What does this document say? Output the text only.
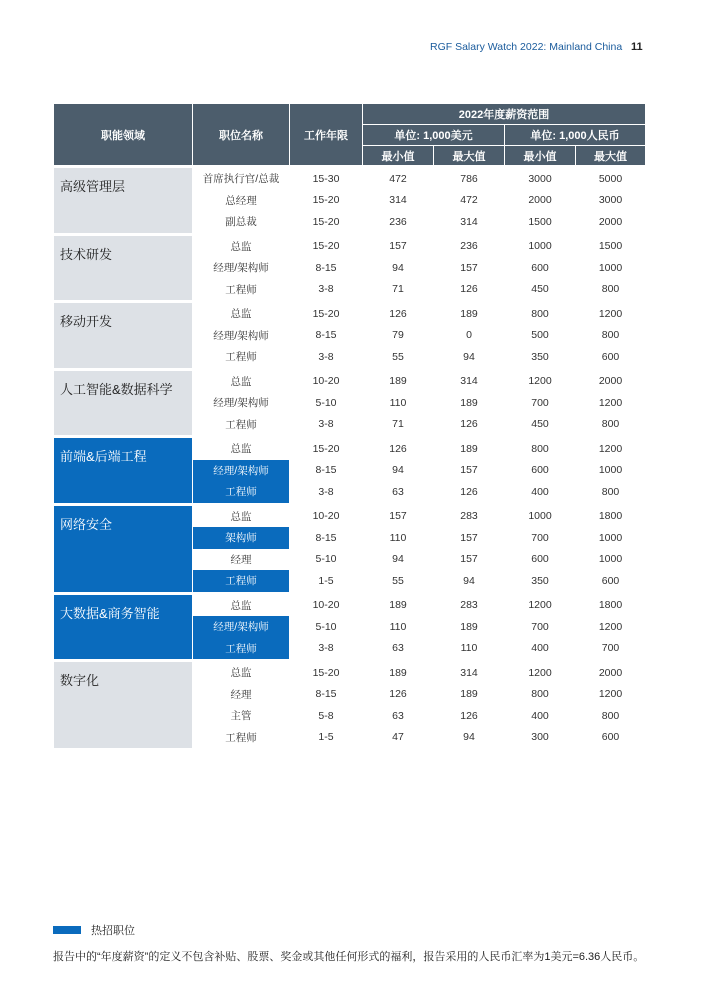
RGF Salary Watch 2022: Mainland China 11
职能领域	职位名称	工作年限	2022年度薪资范围			
			单位: 1,000美元		单位: 1,000人民币	
			最小值	最大值	最小值	最大值
高级管理层	首席执行官/总裁	15-30	472	786	3000	5000
	总经理	15-20	314	472	2000	3000
	副总裁	15-20	236	314	1500	2000
技术研发	总监	15-20	157	236	1000	1500
	经理/架构师	8-15	94	157	600	1000
	工程师	3-8	71	126	450	800
移动开发	总监	15-20	126	189	800	1200
	经理/架构师	8-15	79	0	500	800
	工程师	3-8	55	94	350	600
人工智能&数据科学	总监	10-20	189	314	1200	2000
	经理/架构师	5-10	110	189	700	1200
	工程师	3-8	71	126	450	800
前端&后端工程	总监	15-20	126	189	800	1200
	经理/架构师	8-15	94	157	600	1000
	工程师	3-8	63	126	400	800
网络安全	总监	10-20	157	283	1000	1800
	架构师	8-15	110	157	700	1000
	经理	5-10	94	157	600	1000
	工程师	1-5	55	94	350	600
大数据&商务智能	总监	10-20	189	283	1200	1800
	经理/架构师	5-10	110	189	700	1200
	工程师	3-8	63	110	400	700
数字化	总监	15-20	189	314	1200	2000
	经理	8-15	126	189	800	1200
	主管	5-8	63	126	400	800
	工程师	1-5	47	94	300	600
热招职位
报告中的“年度薪资”的定义不包含补贴、股票、奖金或其他任何形式的福利，报告采用的人民币汇率为1美元=6.36人民币。
